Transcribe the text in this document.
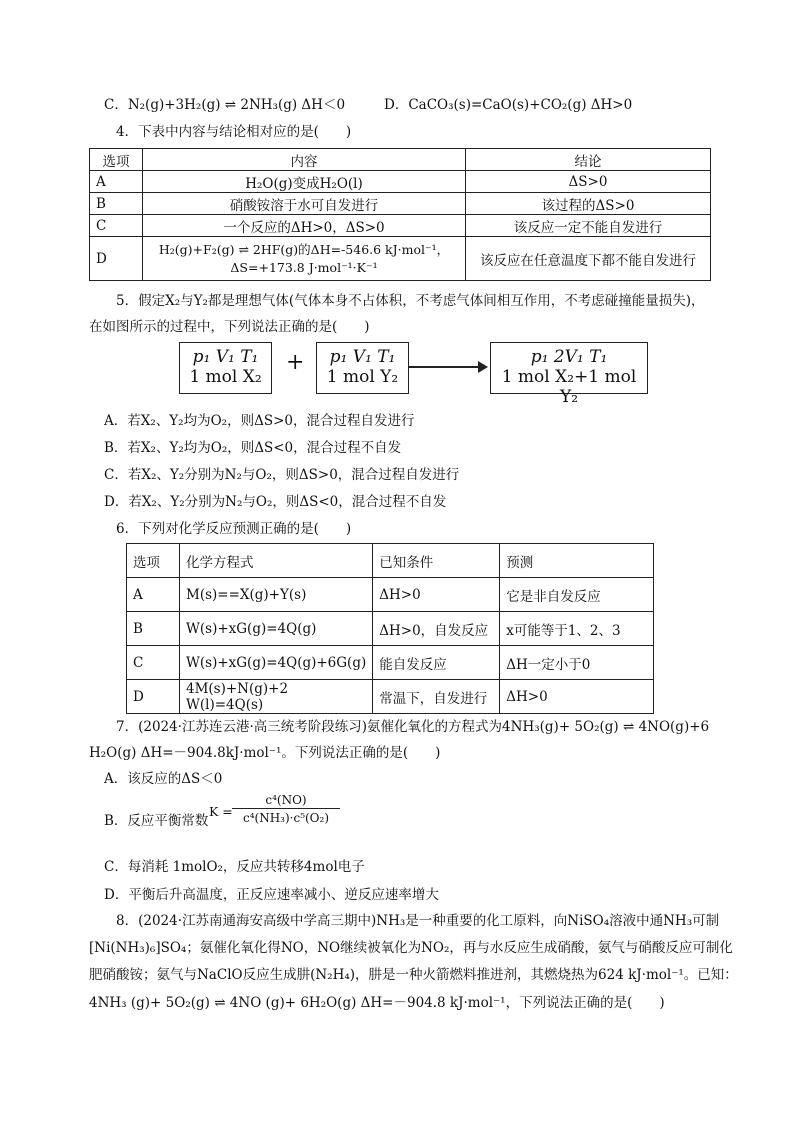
C．N₂(g)+3H₂(g) ⇌ 2NH₃(g) ΔH＜0	D．CaCO₃(s)=CaO(s)+CO₂(g) ΔH>0
4．下表中内容与结论相对应的是(　　)
选项	内容	结论
A	H₂O(g)变成H₂O(l)	ΔS>0
B	硝酸铵溶于水可自发进行	该过程的ΔS>0
C	一个反应的ΔH>0，ΔS>0	该反应一定不能自发进行
D	H₂(g)+F₂(g) ⇌ 2HF(g)的ΔH=-546.6 kJ·mol⁻¹，
ΔS=+173.8 J·mol⁻¹·K⁻¹	该反应在任意温度下都不能自发进行
5．假定X₂与Y₂都是理想气体(气体本身不占体积，不考虑气体间相互作用，不考虑碰撞能量损失)，
在如图所示的过程中，下列说法正确的是(　　)
p₁ V₁ T₁
1 mol X₂
+	p₁ V₁ T₁
1 mol Y₂
p₁ 2V₁ T₁
1 mol X₂+1 mol Y₂
A．若X₂、Y₂均为O₂，则ΔS>0，混合过程自发进行
B．若X₂、Y₂均为O₂，则ΔS<0，混合过程不自发
C．若X₂、Y₂分别为N₂与O₂，则ΔS>0，混合过程自发进行
D．若X₂、Y₂分别为N₂与O₂，则ΔS<0，混合过程不自发
6．下列对化学反应预测正确的是(　　)
选项	化学方程式	已知条件	预测
A	M(s)==X(g)+Y(s)	ΔH>0	它是非自发反应
B	W(s)+xG(g)=4Q(g)	ΔH>0，自发反应	x可能等于1、2、3
C	W(s)+xG(g)=4Q(g)+6G(g)	能自发反应	ΔH一定小于0
D	4M(s)+N(g)+2 W(l)=4Q(s)	常温下，自发进行	ΔH>0
7．(2024·江苏连云港·高三统考阶段练习)氨催化氧化的方程式为4NH₃(g)+ 5O₂(g) ⇌ 4NO(g)+6
H₂O(g) ΔH=－904.8kJ·mol⁻¹。下列说法正确的是(　　)
A．该反应的ΔS＜0
B．反应平衡常数
$K = \frac{\text{c⁴(NO)}}{\text{c⁴(NH₃)·c⁵(O₂)}}$
C．每消耗 1molO₂，反应共转移4mol电子
D．平衡后升高温度，正反应速率减小、逆反应速率增大
8．(2024·江苏南通海安高级中学高三期中)NH₃是一种重要的化工原料，向NiSO₄溶液中通NH₃可制
[Ni(NH₃)₆]SO₄；氨催化氧化得NO，NO继续被氧化为NO₂，再与水反应生成硝酸，氨气与硝酸反应可制化
肥硝酸铵；氨气与NaClO反应生成肼(N₂H₄)，肼是一种火箭燃料推进剂，其燃烧热为624 kJ·mol⁻¹。已知：
4NH₃ (g)+ 5O₂(g) ⇌ 4NO (g)+ 6H₂O(g) ΔH=－904.8 kJ·mol⁻¹，下列说法正确的是(　　)
